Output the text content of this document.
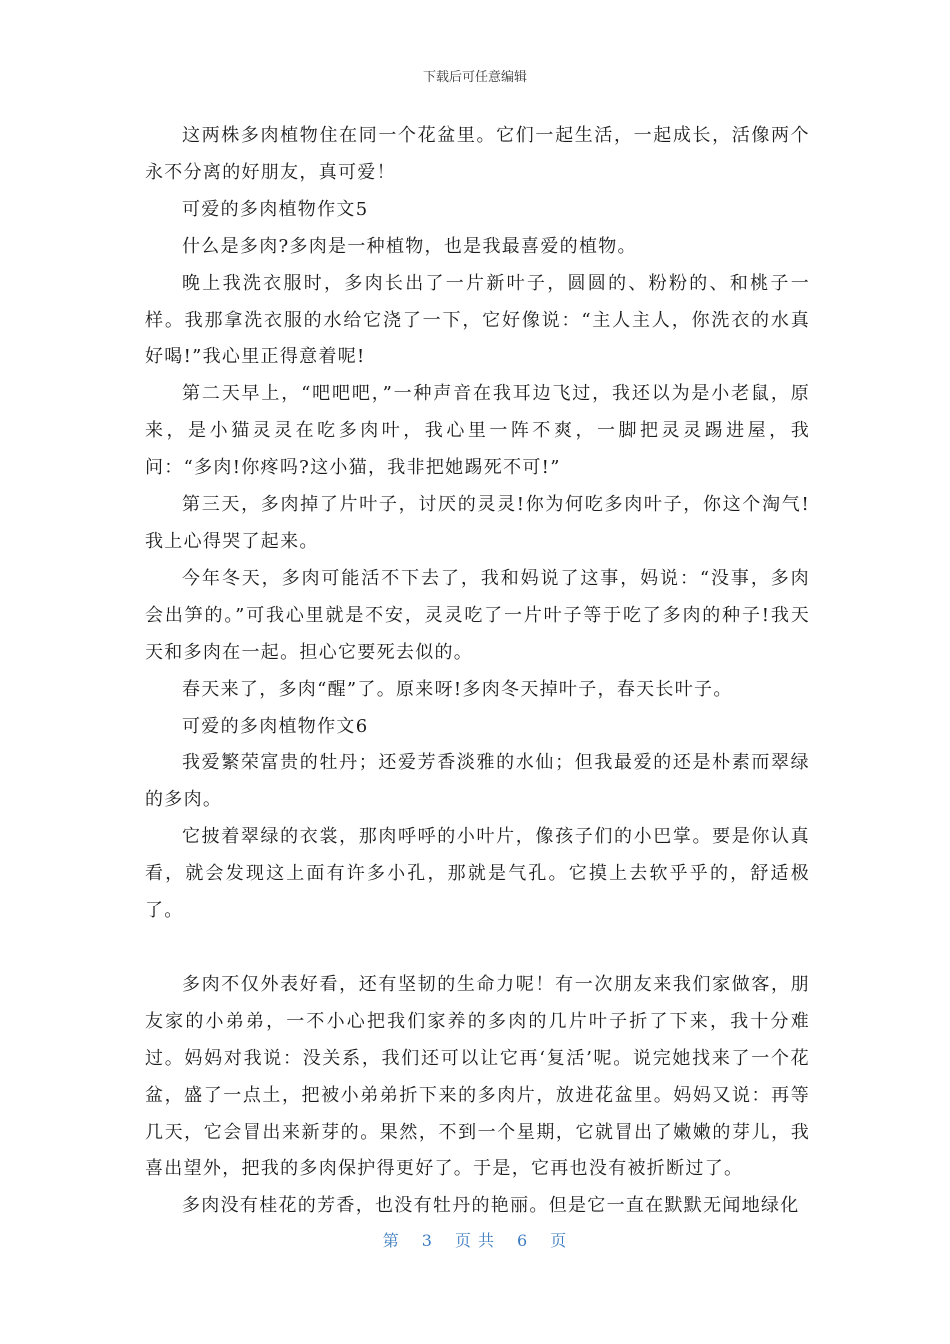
下载后可任意编辑

这两株多肉植物住在同一个花盆里。它们一起生活，一起成长，活像两个永不分离的好朋友，真可爱！

可爱的多肉植物作文5

什么是多肉?多肉是一种植物，也是我最喜爱的植物。

晚上我洗衣服时，多肉长出了一片新叶子，圆圆的、粉粉的、和桃子一样。我那拿洗衣服的水给它浇了一下，它好像说：“主人主人，你洗衣的水真好喝!”我心里正得意着呢!

第二天早上，“吧吧吧，”一种声音在我耳边飞过，我还以为是小老鼠，原来，是小猫灵灵在吃多肉叶，我心里一阵不爽，一脚把灵灵踢进屋，我问：“多肉!你疼吗?这小猫，我非把她踢死不可!”

第三天，多肉掉了片叶子，讨厌的灵灵!你为何吃多肉叶子，你这个淘气!我上心得哭了起来。

今年冬天，多肉可能活不下去了，我和妈说了这事，妈说：“没事，多肉会出笋的。”可我心里就是不安，灵灵吃了一片叶子等于吃了多肉的种子!我天天和多肉在一起。担心它要死去似的。

春天来了，多肉“醒”了。原来呀!多肉冬天掉叶子，春天长叶子。

可爱的多肉植物作文6

我爱繁荣富贵的牡丹；还爱芳香淡雅的水仙；但我最爱的还是朴素而翠绿的多肉。

它披着翠绿的衣裳，那肉呼呼的小叶片，像孩子们的小巴掌。要是你认真看，就会发现这上面有许多小孔，那就是气孔。它摸上去软乎乎的，舒适极了。

多肉不仅外表好看，还有坚韧的生命力呢！有一次朋友来我们家做客，朋友家的小弟弟，一不小心把我们家养的多肉的几片叶子折了下来，我十分难过。妈妈对我说：没关系，我们还可以让它再‘复活’呢。说完她找来了一个花盆，盛了一点土，把被小弟弟折下来的多肉片，放进花盆里。妈妈又说：再等几天，它会冒出来新芽的。果然，不到一个星期，它就冒出了嫩嫩的芽儿，我喜出望外，把我的多肉保护得更好了。于是，它再也没有被折断过了。

多肉没有桂花的芳香，也没有牡丹的艳丽。但是它一直在默默无闻地绿化

第 3 页 共 6 页
